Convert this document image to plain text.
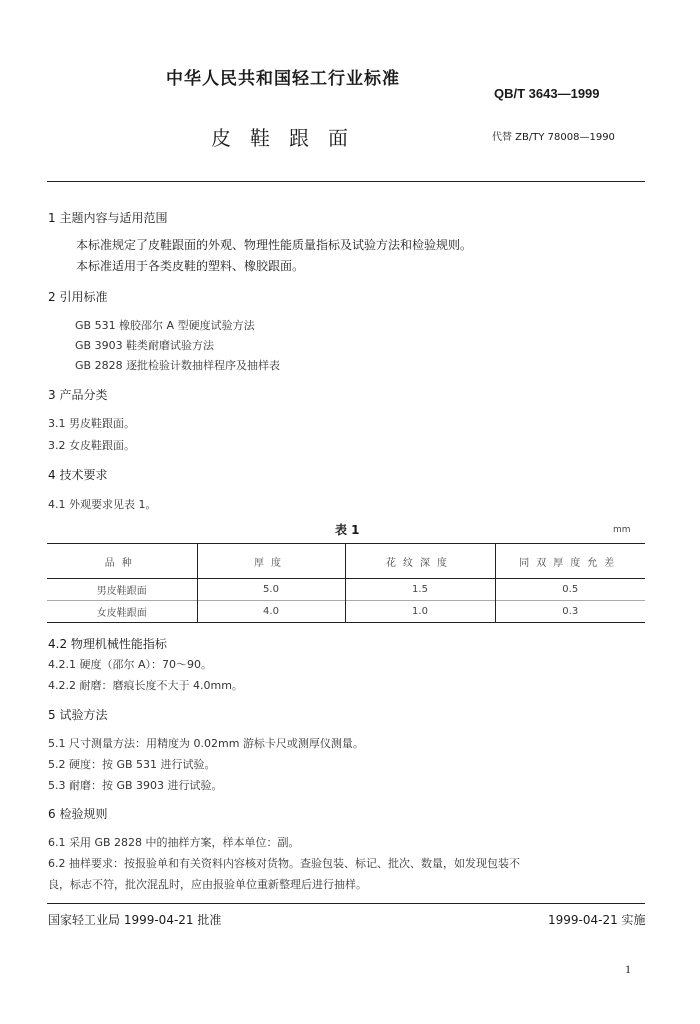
中华人民共和国轻工行业标准
QB/T 3643—1999
皮鞋跟面	代替 ZB/TY 78008—1990
1 主题内容与适用范围
本标准规定了皮鞋跟面的外观、物理性能质量指标及试验方法和检验规则。
本标准适用于各类皮鞋的塑料、橡胶跟面。
2 引用标准
GB 531 橡胶邵尔 A 型硬度试验方法
GB 3903 鞋类耐磨试验方法
GB 2828 逐批检验计数抽样程序及抽样表
3 产品分类
3.1 男皮鞋跟面。
3.2 女皮鞋跟面。
4 技术要求
4.1 外观要求见表 1。
表 1	mm
品种	厚度	花纹深度	同双厚度允差
男皮鞋跟面	5.0	1.5	0.5
女皮鞋跟面	4.0	1.0	0.3
4.2 物理机械性能指标
4.2.1 硬度（邵尔 A）：70～90。
4.2.2 耐磨：磨痕长度不大于 4.0mm。
5 试验方法
5.1 尺寸测量方法：用精度为 0.02mm 游标卡尺或测厚仪测量。
5.2 硬度：按 GB 531 进行试验。
5.3 耐磨：按 GB 3903 进行试验。
6 检验规则
6.1 采用 GB 2828 中的抽样方案，样本单位：副。
6.2 抽样要求：按报验单和有关资料内容核对货物。查验包装、标记、批次、数量，如发现包装不
良，标志不符，批次混乱时，应由报验单位重新整理后进行抽样。
国家轻工业局 1999-04-21 批准	1999-04-21 实施
1
